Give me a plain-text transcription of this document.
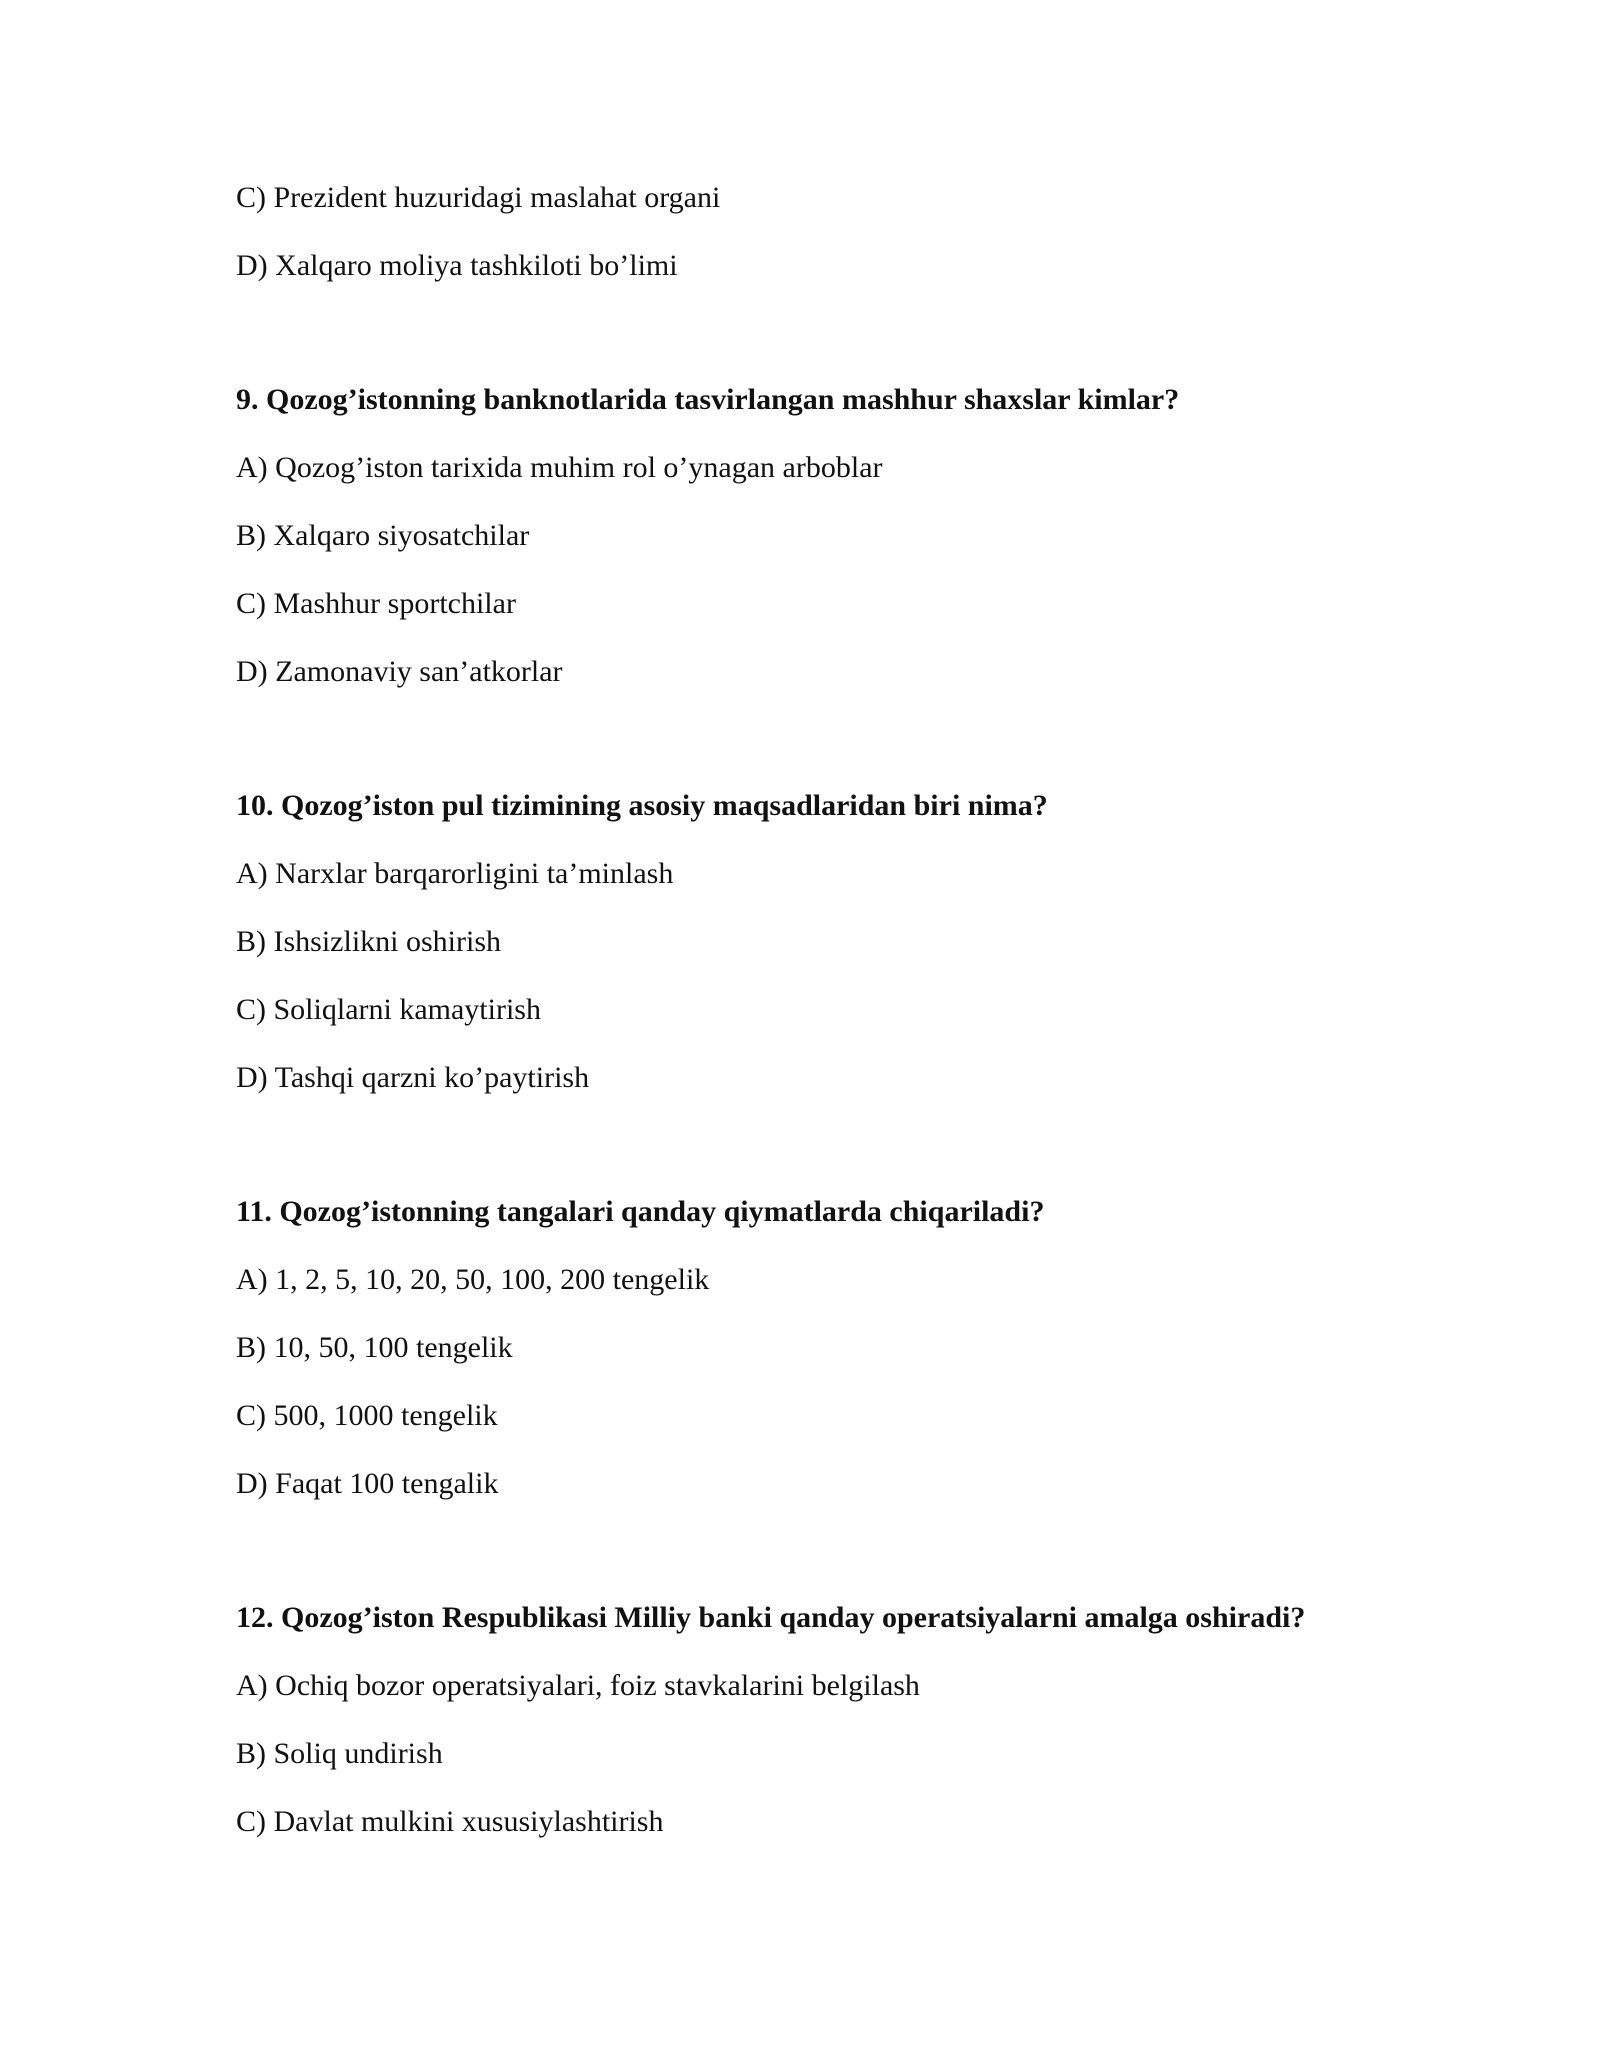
C) Prezident huzuridagi maslahat organi
D) Xalqaro moliya tashkiloti bo’limi
9. Qozog’istonning banknotlarida tasvirlangan mashhur shaxslar kimlar?
A) Qozog’iston tarixida muhim rol o’ynagan arboblar
B) Xalqaro siyosatchilar
C) Mashhur sportchilar
D) Zamonaviy san’atkorlar
10. Qozog’iston pul tizimining asosiy maqsadlaridan biri nima?
A) Narxlar barqarorligini ta’minlash
B) Ishsizlikni oshirish
C) Soliqlarni kamaytirish
D) Tashqi qarzni ko’paytirish
11. Qozog’istonning tangalari qanday qiymatlarda chiqariladi?
A) 1, 2, 5, 10, 20, 50, 100, 200 tengelik
B) 10, 50, 100 tengelik
C) 500, 1000 tengelik
D) Faqat 100 tengalik
12. Qozog’iston Respublikasi Milliy banki qanday operatsiyalarni amalga oshiradi?
A) Ochiq bozor operatsiyalari, foiz stavkalarini belgilash
B) Soliq undirish
C) Davlat mulkini xususiylashtirish
